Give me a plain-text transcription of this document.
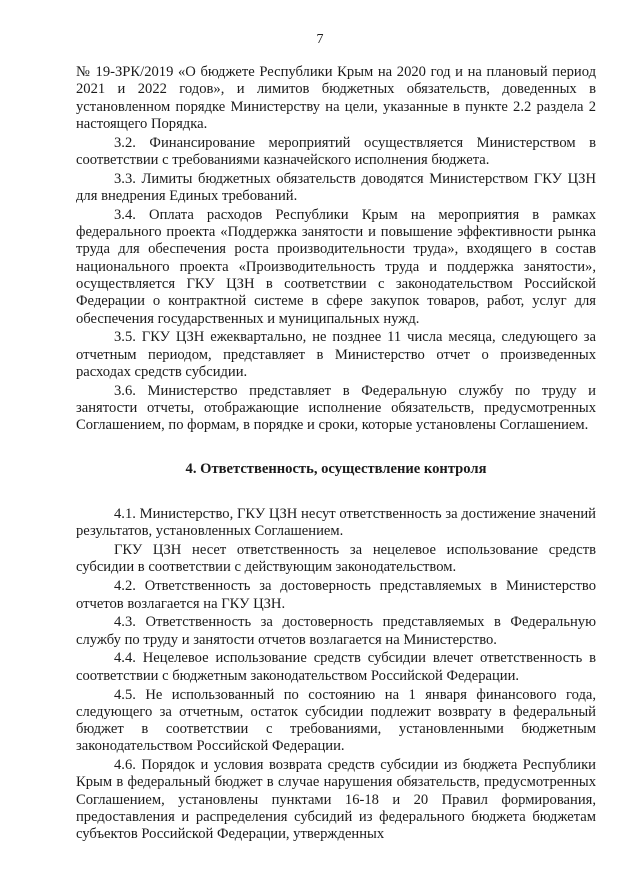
7

№ 19-ЗРК/2019 «О бюджете Республики Крым на 2020 год и на плановый период 2021 и 2022 годов», и лимитов бюджетных обязательств, доведенных в установленном порядке Министерству на цели, указанные в пункте 2.2 раздела 2 настоящего Порядка.

3.2. Финансирование мероприятий осуществляется Министерством в соответствии с требованиями казначейского исполнения бюджета.

3.3. Лимиты бюджетных обязательств доводятся Министерством ГКУ ЦЗН для внедрения Единых требований.

3.4. Оплата расходов Республики Крым на мероприятия в рамках федерального проекта «Поддержка занятости и повышение эффективности рынка труда для обеспечения роста производительности труда», входящего в состав национального проекта «Производительность труда и поддержка занятости», осуществляется ГКУ ЦЗН в соответствии с законодательством Российской Федерации о контрактной системе в сфере закупок товаров, работ, услуг для обеспечения государственных и муниципальных нужд.

3.5. ГКУ ЦЗН ежеквартально, не позднее 11 числа месяца, следующего за отчетным периодом, представляет в Министерство отчет о произведенных расходах средств субсидии.

3.6. Министерство представляет в Федеральную службу по труду и занятости отчеты, отображающие исполнение обязательств, предусмотренных Соглашением, по формам, в порядке и сроки, которые установлены Соглашением.

4. Ответственность, осуществление контроля

4.1. Министерство, ГКУ ЦЗН несут ответственность за достижение значений результатов, установленных Соглашением.

ГКУ ЦЗН несет ответственность за нецелевое использование средств субсидии в соответствии с действующим законодательством.

4.2. Ответственность за достоверность представляемых в Министерство отчетов возлагается на ГКУ ЦЗН.

4.3. Ответственность за достоверность представляемых в Федеральную службу по труду и занятости отчетов возлагается на Министерство.

4.4. Нецелевое использование средств субсидии влечет ответственность в соответствии с бюджетным законодательством Российской Федерации.

4.5. Не использованный по состоянию на 1 января финансового года, следующего за отчетным, остаток субсидии подлежит возврату в федеральный бюджет в соответствии с требованиями, установленными бюджетным законодательством Российской Федерации.

4.6. Порядок и условия возврата средств субсидии из бюджета Республики Крым в федеральный бюджет в случае нарушения обязательств, предусмотренных Соглашением, установлены пунктами 16-18 и 20 Правил формирования, предоставления и распределения субсидий из федерального бюджета бюджетам субъектов Российской Федерации, утвержденных
